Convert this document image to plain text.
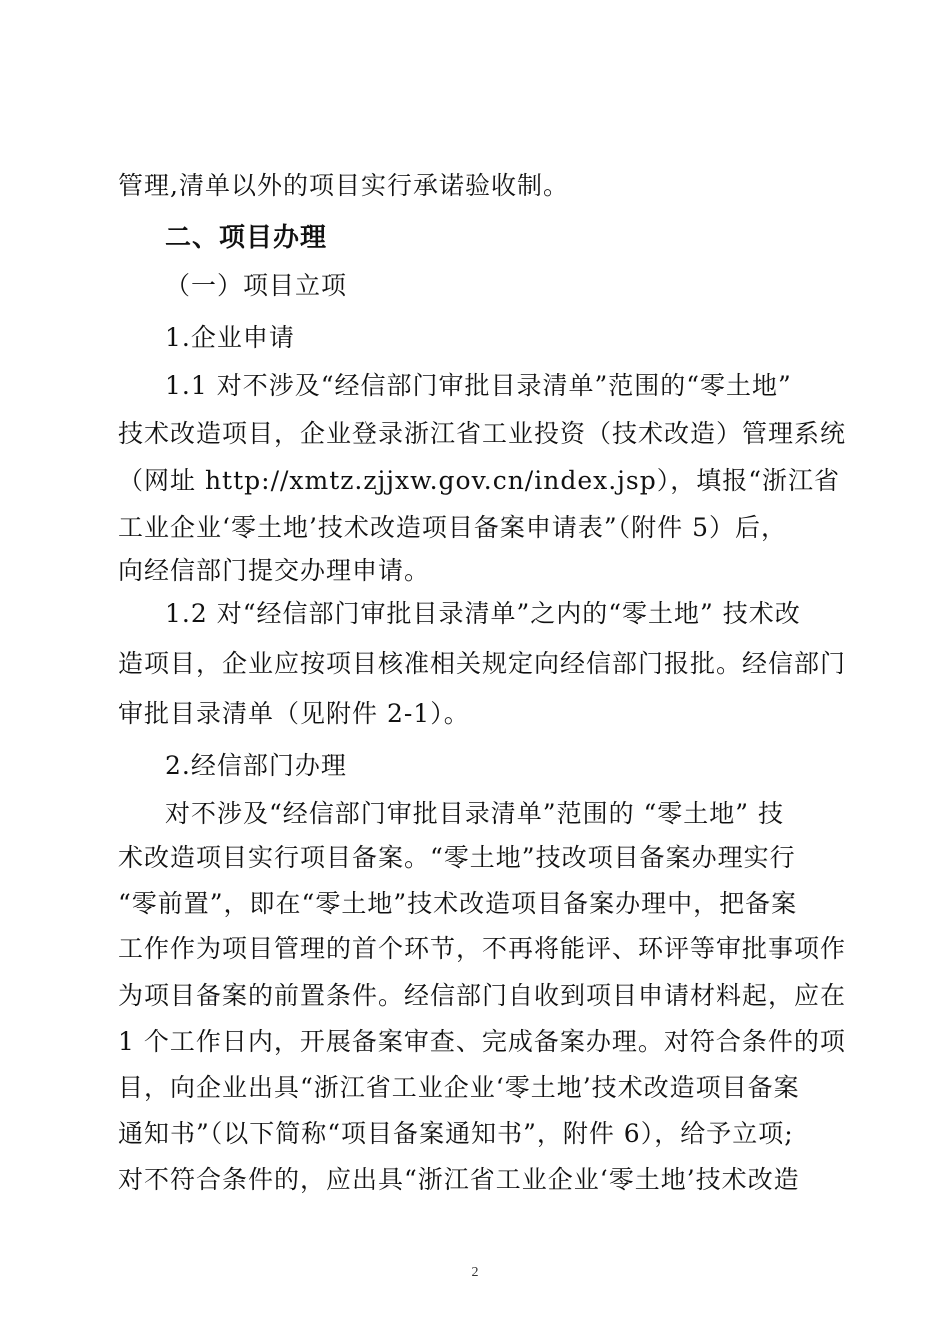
管理,清单以外的项目实行承诺验收制。
二、项目办理
（一）项目立项
1.企业申请
1.1 对不涉及“经信部门审批目录清单”范围的“零土地”
技术改造项目，企业登录浙江省工业投资（技术改造）管理系统
（网址 http://xmtz.zjjxw.gov.cn/index.jsp），填报“浙江省
工业企业‘零土地’技术改造项目备案申请表”（附件 5）后，
向经信部门提交办理申请。
1.2 对“经信部门审批目录清单”之内的“零土地” 技术改
造项目，企业应按项目核准相关规定向经信部门报批。经信部门
审批目录清单（见附件 2-1）。
2.经信部门办理
对不涉及“经信部门审批目录清单”范围的 “零土地” 技
术改造项目实行项目备案。“零土地”技改项目备案办理实行
“零前置”，即在“零土地”技术改造项目备案办理中，把备案
工作作为项目管理的首个环节，不再将能评、环评等审批事项作
为项目备案的前置条件。经信部门自收到项目申请材料起，应在
1 个工作日内，开展备案审查、完成备案办理。对符合条件的项
目，向企业出具“浙江省工业企业‘零土地’技术改造项目备案
通知书”（以下简称“项目备案通知书”，附件 6），给予立项;
对不符合条件的，应出具“浙江省工业企业‘零土地’技术改造
2
